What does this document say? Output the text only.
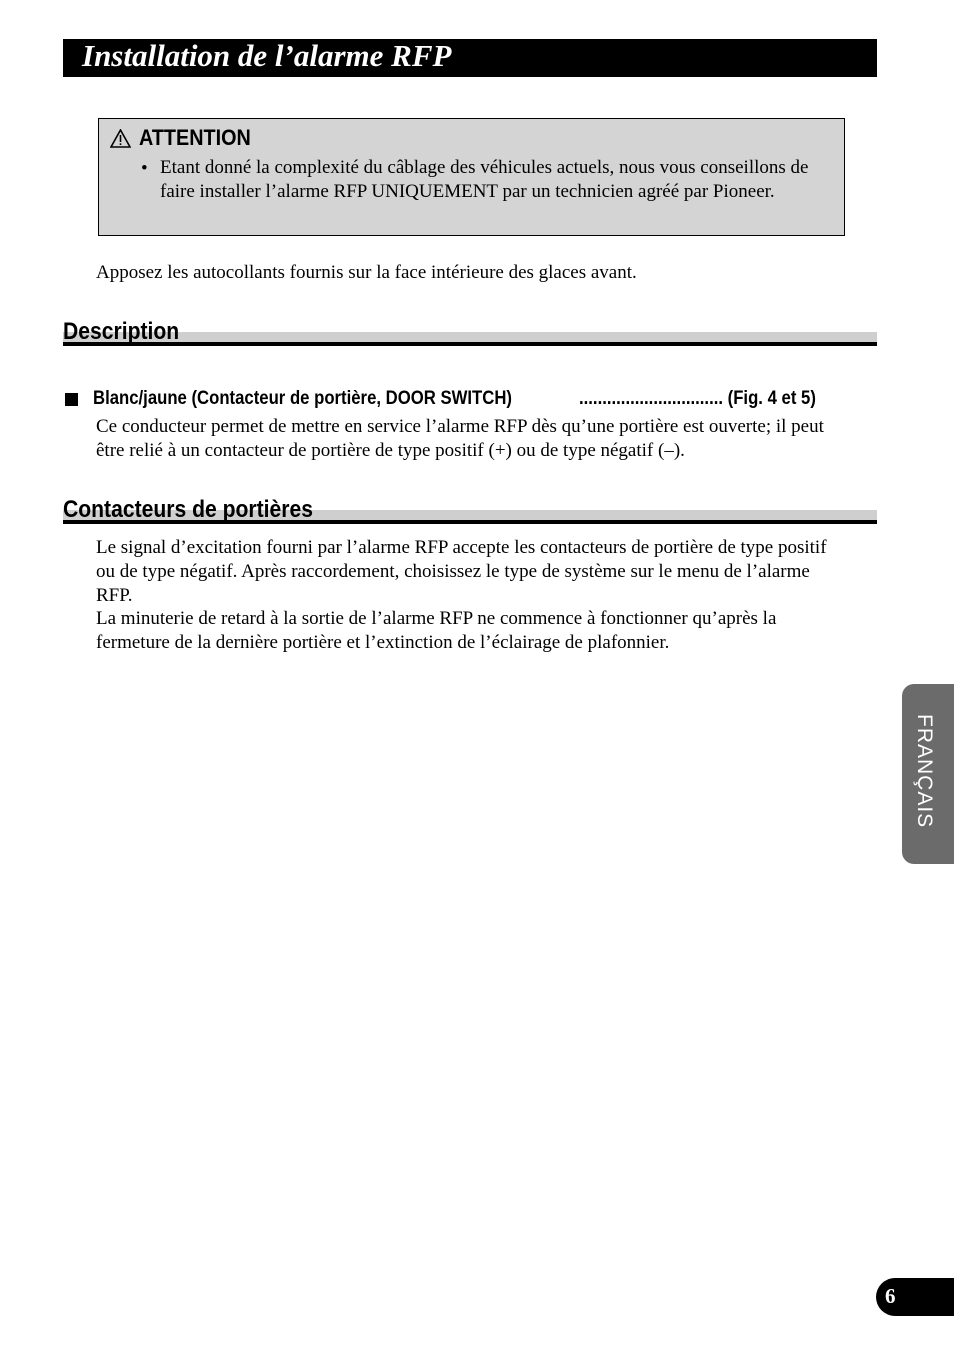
Installation de l’alarme RFP
ATTENTION
• Etant donné la complexité du câblage des véhicules actuels, nous vous conseillons de faire installer l’alarme RFP UNIQUEMENT par un technicien agréé par Pioneer.
Apposez les autocollants fournis sur la face intérieure des glaces avant.
Description
Blanc/jaune (Contacteur de portière, DOOR SWITCH)	............................... (Fig. 4 et 5)
Ce conducteur permet de mettre en service l’alarme RFP dès qu’une portière est ouverte; il peut être relié à un contacteur de portière de type positif (+) ou de type négatif (–).
Contacteurs de portières
Le signal d’excitation fourni par l’alarme RFP accepte les contacteurs de portière de type positif ou de type négatif. Après raccordement, choisissez le type de système sur le menu de l’alarme RFP.
La minuterie de retard à la sortie de l’alarme RFP ne commence à fonctionner qu’après la fermeture de la dernière portière et l’extinction de l’éclairage de plafonnier.
FRANÇAIS
6
